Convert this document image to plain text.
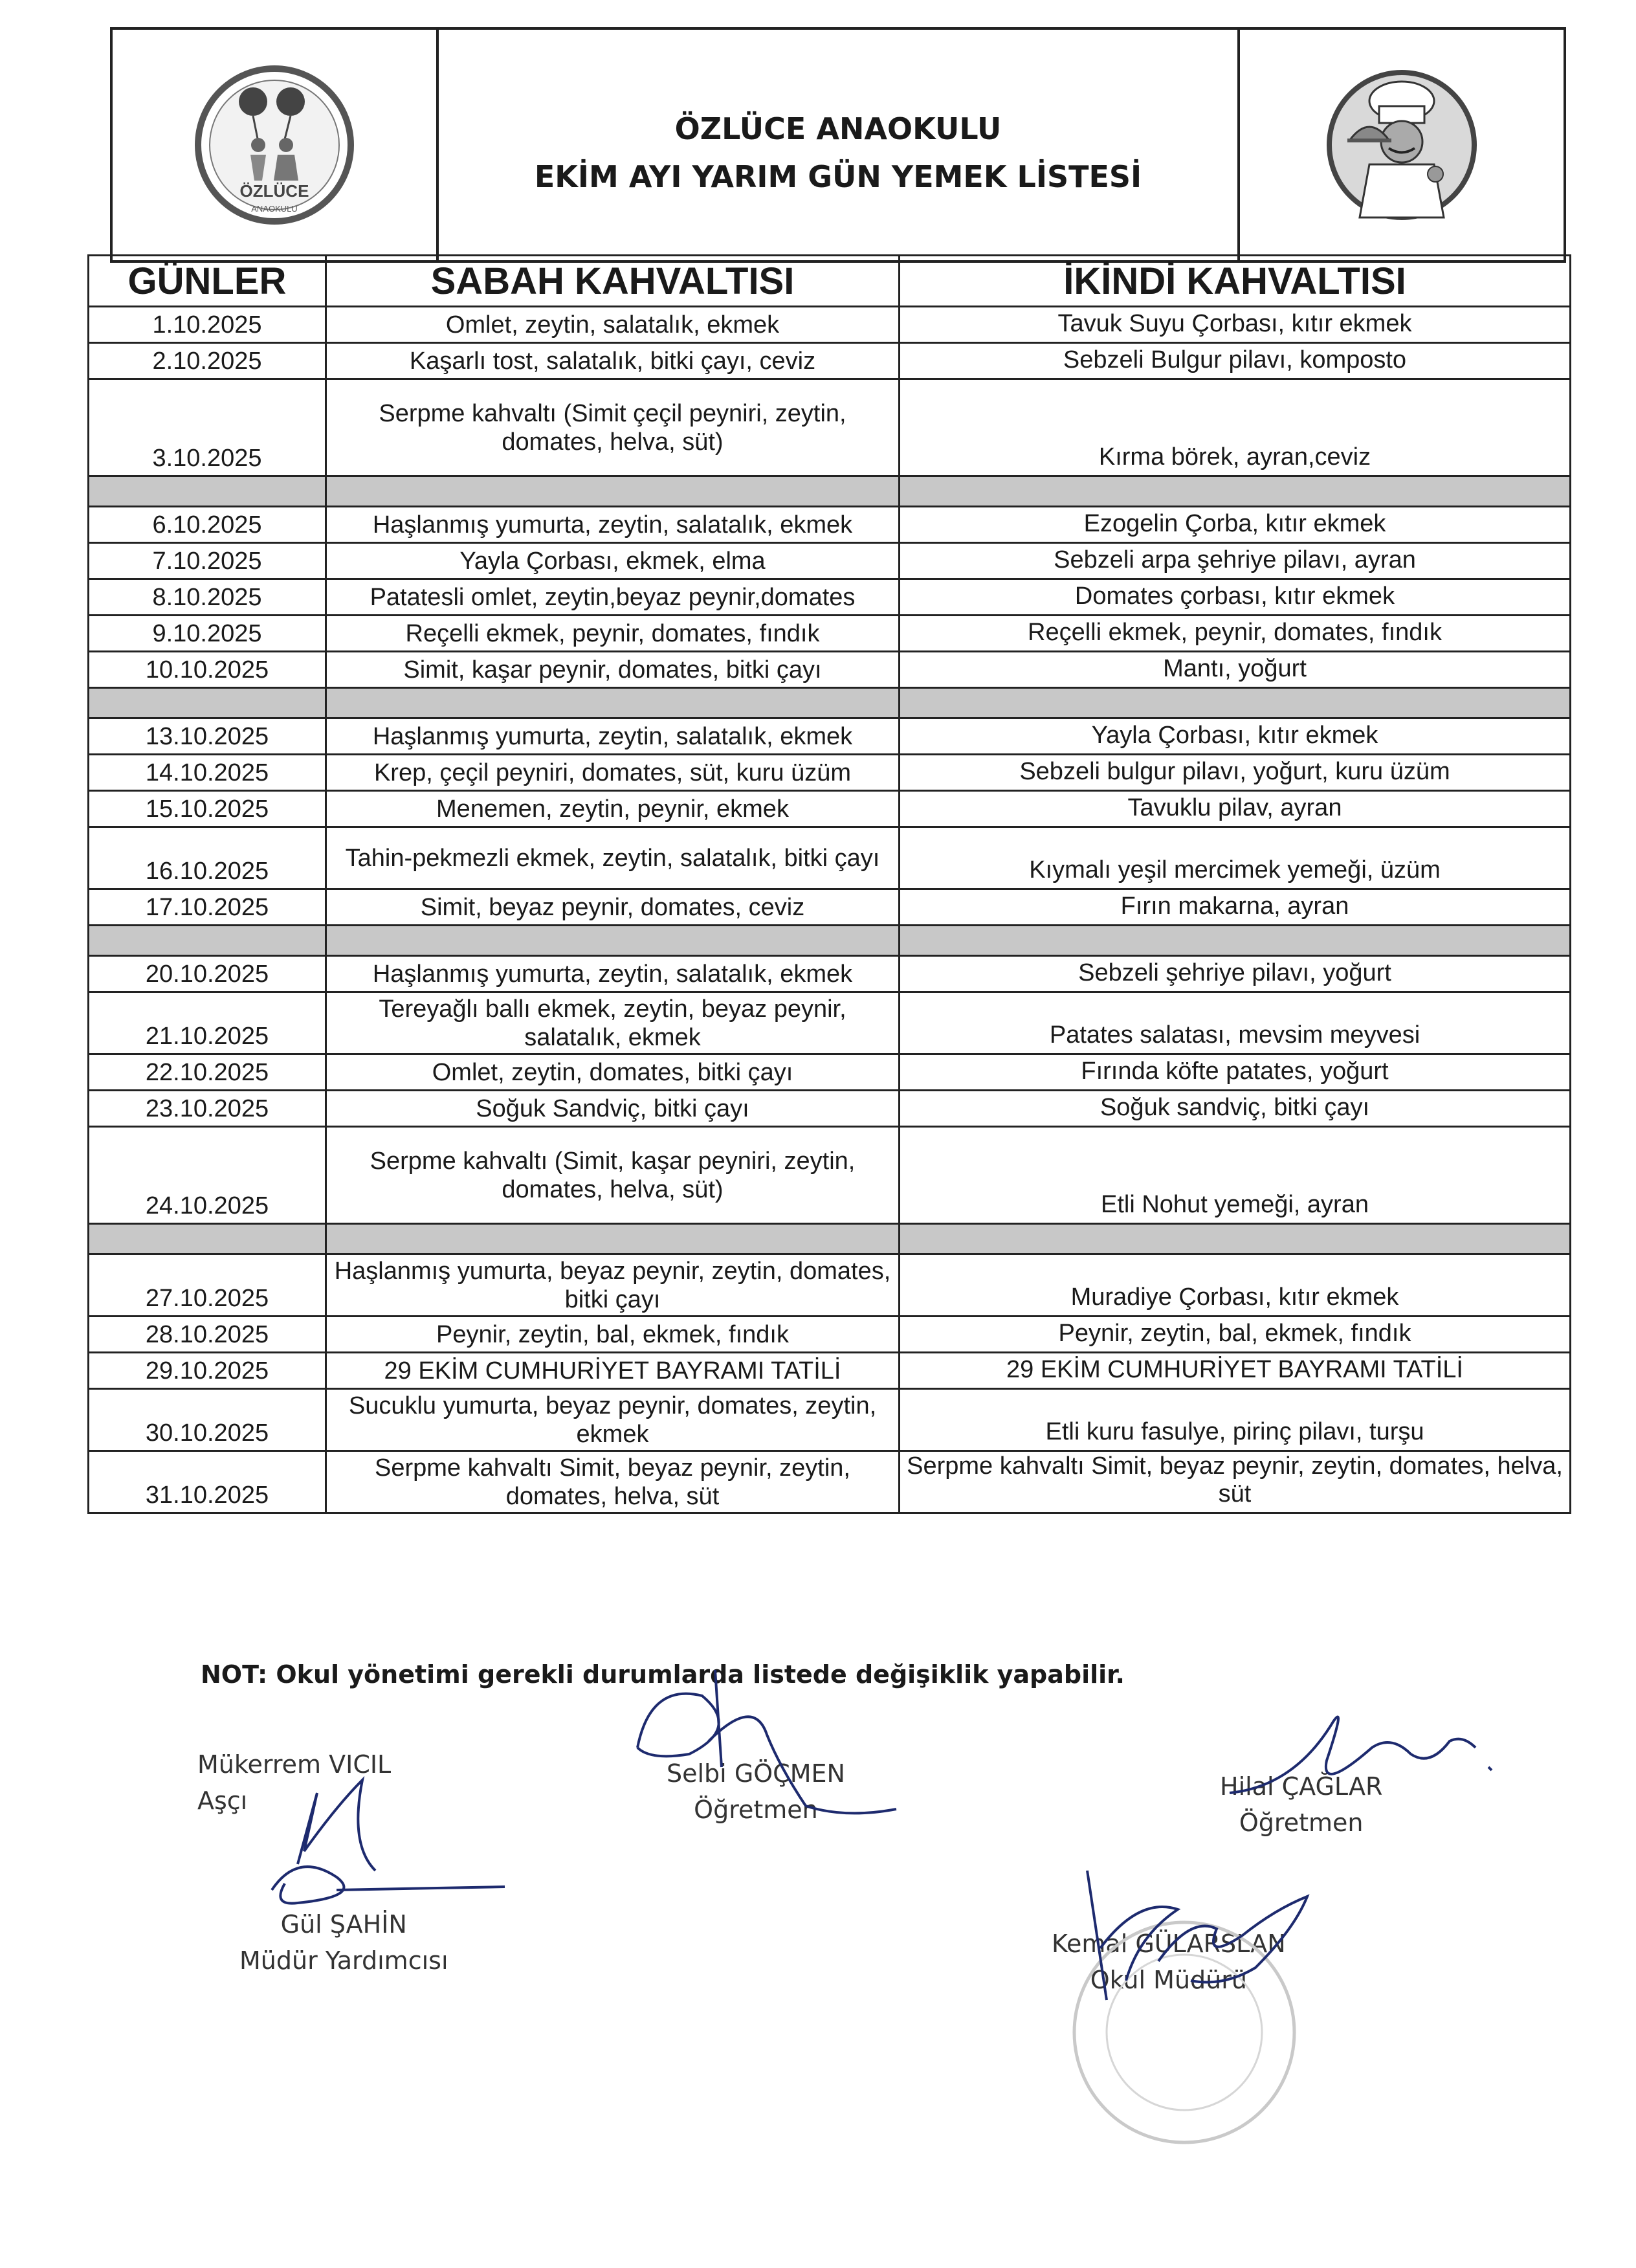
ÖZLÜCE
ANAOKULU
ÖZLÜCE ANAOKULU
EKİM AYI YARIM GÜN YEMEK LİSTESİ
GÜNLER	SABAH KAHVALTISI	İKİNDİ KAHVALTISI
1.10.2025	Omlet, zeytin, salatalık, ekmek	Tavuk Suyu Çorbası, kıtır ekmek
2.10.2025	Kaşarlı tost, salatalık, bitki çayı, ceviz	Sebzeli Bulgur pilavı, komposto
3.10.2025	Serpme kahvaltı (Simit çeçil peyniri, zeytin, domates, helva, süt)	Kırma börek, ayran,ceviz

6.10.2025	Haşlanmış yumurta, zeytin, salatalık, ekmek	Ezogelin Çorba, kıtır ekmek
7.10.2025	Yayla Çorbası, ekmek, elma	Sebzeli arpa şehriye pilavı, ayran
8.10.2025	Patatesli omlet, zeytin,beyaz peynir,domates	Domates çorbası, kıtır ekmek
9.10.2025	Reçelli ekmek, peynir, domates, fındık	Reçelli ekmek, peynir, domates, fındık
10.10.2025	Simit, kaşar peynir, domates, bitki çayı	Mantı, yoğurt

13.10.2025	Haşlanmış yumurta, zeytin, salatalık, ekmek	Yayla Çorbası, kıtır ekmek
14.10.2025	Krep, çeçil peyniri, domates, süt, kuru üzüm	Sebzeli bulgur pilavı, yoğurt, kuru üzüm
15.10.2025	Menemen, zeytin, peynir, ekmek	Tavuklu pilav, ayran
16.10.2025	Tahin-pekmezli ekmek, zeytin, salatalık, bitki çayı	Kıymalı yeşil mercimek yemeği, üzüm
17.10.2025	Simit, beyaz peynir, domates, ceviz	Fırın makarna, ayran

20.10.2025	Haşlanmış yumurta, zeytin, salatalık, ekmek	Sebzeli şehriye pilavı, yoğurt
21.10.2025	Tereyağlı ballı ekmek, zeytin, beyaz peynir, salatalık, ekmek	Patates salatası, mevsim meyvesi
22.10.2025	Omlet, zeytin, domates, bitki çayı	Fırında köfte patates, yoğurt
23.10.2025	Soğuk Sandviç, bitki çayı	Soğuk sandviç, bitki çayı
24.10.2025	Serpme kahvaltı (Simit, kaşar peyniri, zeytin, domates, helva, süt)	Etli Nohut yemeği, ayran

27.10.2025	Haşlanmış yumurta, beyaz peynir, zeytin, domates, bitki çayı	Muradiye Çorbası, kıtır ekmek
28.10.2025	Peynir, zeytin, bal, ekmek, fındık	Peynir, zeytin, bal, ekmek, fındık
29.10.2025	29 EKİM CUMHURİYET BAYRAMI TATİLİ	29 EKİM CUMHURİYET BAYRAMI TATİLİ
30.10.2025	Sucuklu yumurta, beyaz peynir, domates, zeytin, ekmek	Etli kuru fasulye, pirinç pilavı, turşu
31.10.2025	Serpme kahvaltı Simit, beyaz peynir, zeytin, domates, helva, süt	Serpme kahvaltı Simit, beyaz peynir, zeytin, domates, helva, süt
NOT: Okul yönetimi gerekli durumlarda listede değişiklik yapabilir.
Mükerrem VICIL
Aşçı
Selbi GÖÇMEN
Öğretmen
Hilal ÇAĞLAR
Öğretmen
Gül ŞAHİN
Müdür Yardımcısı
Kemal GÜLARSLAN
Okul Müdürü
